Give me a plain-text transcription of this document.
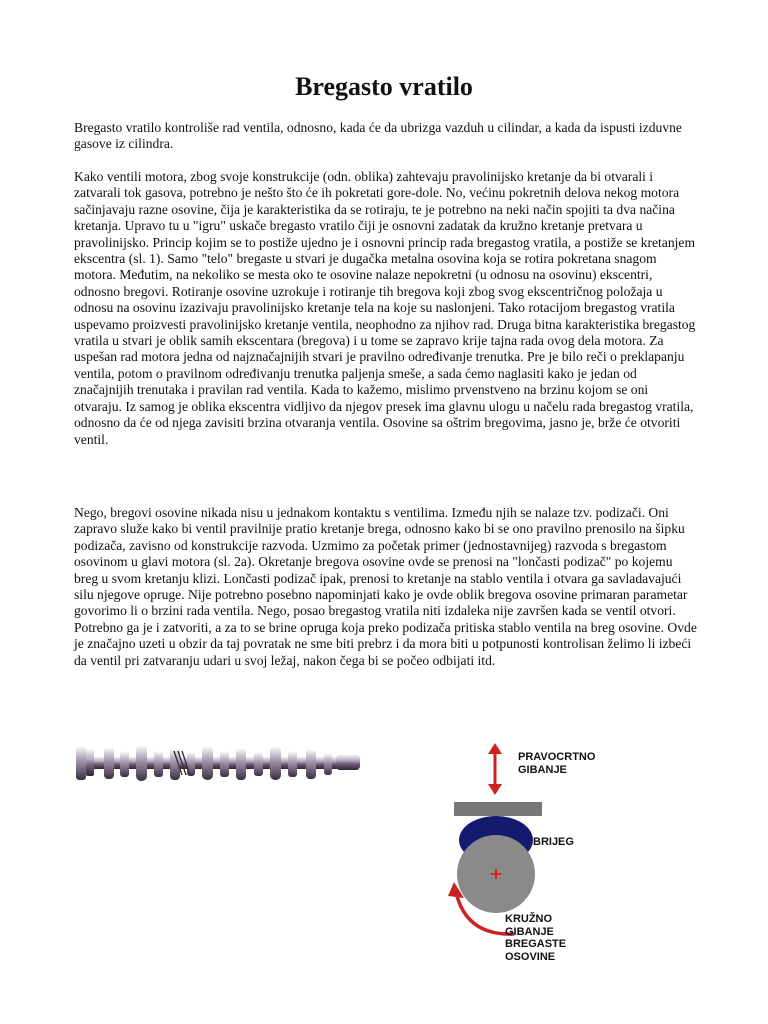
Bregasto vratilo

Bregasto vratilo kontroliše rad ventila, odnosno, kada će da ubrizga vazduh u cilindar, a kada da ispusti izduvne gasove iz cilindra.

Kako ventili motora, zbog svoje konstrukcije (odn. oblika) zahtevaju pravolinijsko kretanje da bi otvarali i zatvarali tok gasova, potrebno je nešto što će ih pokretati gore-dole. No, većinu pokretnih delova nekog motora sačinjavaju razne osovine, čija je karakteristika da se rotiraju, te je potrebno na neki način spojiti ta dva načina kretanja. Upravo tu u "igru" uskače bregasto vratilo čiji je osnovni zadatak da kružno kretanje pretvara u pravolinijsko. Princip kojim se to postiže ujedno je i osnovni princip rada bregastog vratila, a postiže se kretanjem ekscentra (sl. 1). Samo "telo" bregaste u stvari je dugačka metalna osovina koja se rotira pokretana snagom motora. Međutim, na nekoliko se mesta oko te osovine nalaze nepokretni (u odnosu na osovinu) ekscentri, odnosno bregovi. Rotiranje osovine uzrokuje i rotiranje tih bregova koji zbog svog ekscentričnog položaja u odnosu na osovinu izazivaju pravolinijsko kretanje tela na koje su naslonjeni. Tako rotacijom bregastog vratila uspevamo proizvesti pravolinijsko kretanje ventila, neophodno za njihov rad. Druga bitna karakteristika bregastog vratila u stvari je oblik samih ekscentara (bregova) i u tome se zapravo krije tajna rada ovog dela motora. Za uspešan rad motora jedna od najznačajnijih stvari je pravilno određivanje trenutka. Pre je bilo reči o preklapanju ventila, potom o pravilnom određivanju trenutka paljenja smeše, a sada ćemo naglasiti kako je jedan od značajnijih trenutaka i pravilan rad ventila. Kada to kažemo, mislimo prvenstveno na brzinu kojom se oni otvaraju. Iz samog je oblika ekscentra vidljivo da njegov presek ima glavnu ulogu u načelu rada bregastog vratila, odnosno da će od njega zavisiti brzina otvaranja ventila. Osovine sa oštrim bregovima, jasno je, brže će otvoriti ventil.

Nego, bregovi osovine nikada nisu u jednakom kontaktu s ventilima. Između njih se nalaze tzv. podizači. Oni zapravo služe kako bi ventil pravilnije pratio kretanje brega, odnosno kako bi se ono pravilno prenosilo na šipku podizača, zavisno od konstrukcije razvoda. Uzmimo za početak primer (jednostavnijeg) razvoda s bregastom osovinom u glavi motora (sl. 2a). Okretanje bregova osovine ovde se prenosi na "lončasti podizač" po kojemu breg u svom kretanju klizi. Lončasti podizač ipak, prenosi to kretanje na stablo ventila i otvara ga savladavajući silu njegove opruge. Nije potrebno posebno napominjati kako je ovde oblik bregova osovine primaran parametar govorimo li o brzini rada ventila. Nego, posao bregastog vratila niti izdaleka nije završen kada se ventil otvori. Potrebno ga je i zatvoriti, a za to se brine opruga koja preko podizača pritiska stablo ventila na breg osovine. Ovde je značajno uzeti u obzir da taj povratak ne sme biti prebrz i da mora biti u potpunosti kontrolisan želimo li izbeći da ventil pri zatvaranju udari u svoj ležaj, nakon čega bi se počeo odbijati itd.

PRAVOCRTNO
GIBANJE
BRIJEG
KRUŽNO
GIBANJE
BREGASTE
OSOVINE
